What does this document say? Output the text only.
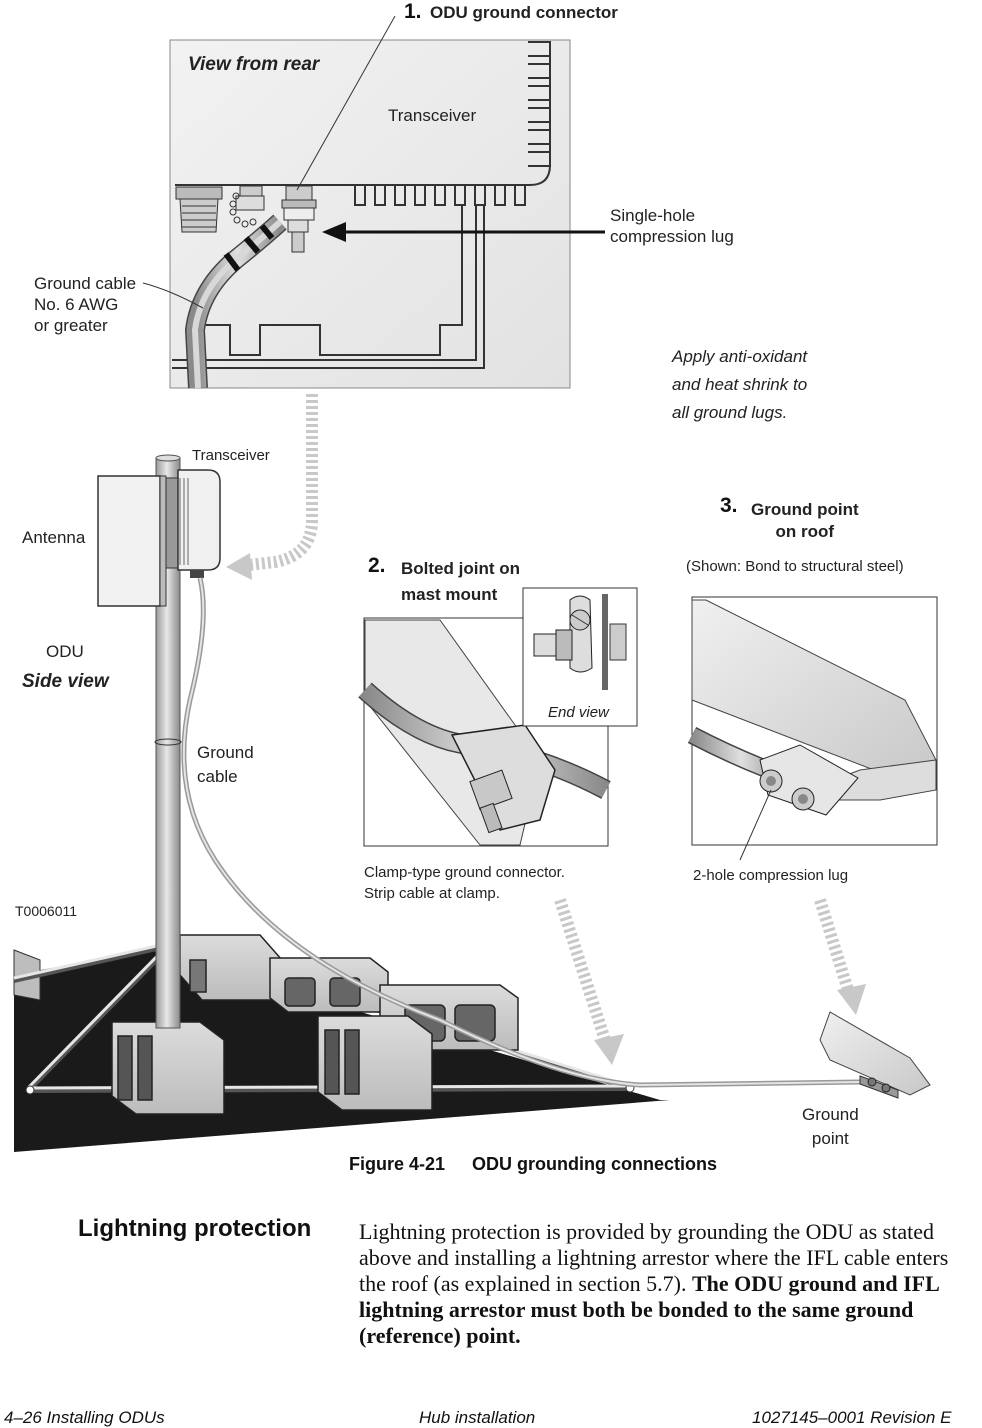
1. ODU ground connector
View from rear
Transceiver
Single-hole
compression lug
Ground cable
No. 6 AWG
or greater
Apply anti-oxidant
and heat shrink to
all ground lugs.
Transceiver
Antenna
ODU
Side view
Ground
cable
2. Bolted joint on
mast mount
End view
Clamp-type ground connector.
Strip cable at clamp.
3. Ground point
on roof
(Shown: Bond to structural steel)
2-hole compression lug
Ground
point
T0006011
Figure 4-21 ODU grounding connections
Lightning protection Lightning protection is provided by grounding the ODU as stated above and installing a lightning arrestor where the IFL cable enters the roof (as explained in section 5.7). The ODU ground and IFL lightning arrestor must both be bonded to the same ground (reference) point.
4–26 Installing ODUs	Hub installation	1027145–0001 Revision E
